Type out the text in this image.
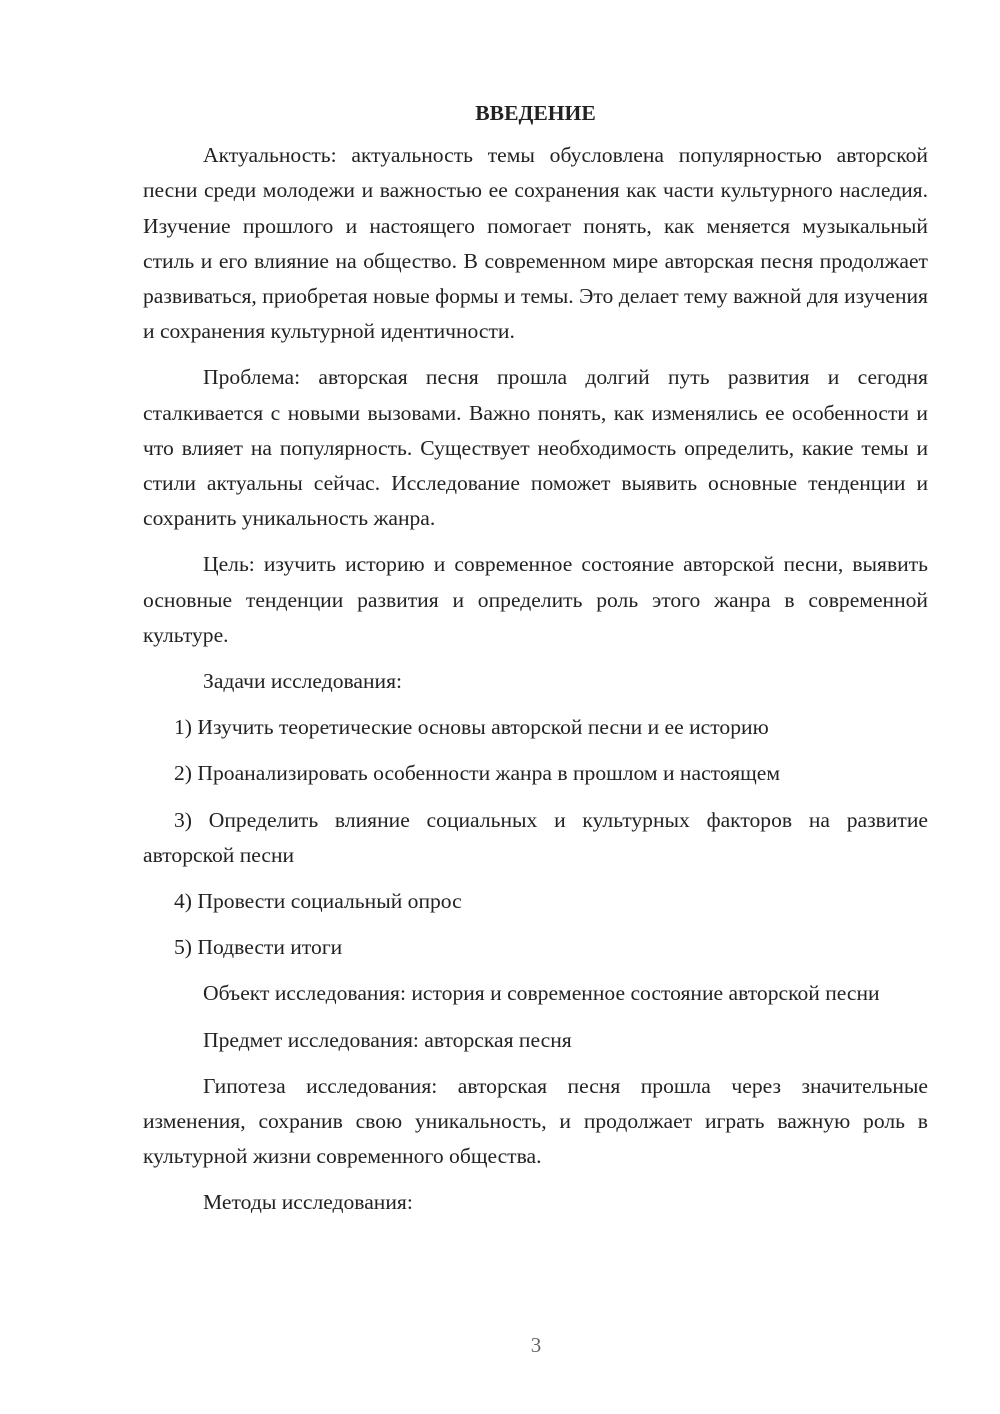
ВВЕДЕНИЕ

Актуальность: актуальность темы обусловлена популярностью авторской песни среди молодежи и важностью ее сохранения как части культурного наследия. Изучение прошлого и настоящего помогает понять, как меняется музыкальный стиль и его влияние на общество. В современном мире авторская песня продолжает развиваться, приобретая новые формы и темы. Это делает тему важной для изучения и сохранения культурной идентичности.

Проблема: авторская песня прошла долгий путь развития и сегодня сталкивается с новыми вызовами. Важно понять, как изменялись ее особенности и что влияет на популярность. Существует необходимость определить, какие темы и стили актуальны сейчас. Исследование поможет выявить основные тенденции и сохранить уникальность жанра.

Цель: изучить историю и современное состояние авторской песни, выявить основные тенденции развития и определить роль этого жанра в современной культуре.

Задачи исследования:

1) Изучить теоретические основы авторской песни и ее историю

2) Проанализировать особенности жанра в прошлом и настоящем

3) Определить влияние социальных и культурных факторов на развитие авторской песни

4) Провести социальный опрос

5) Подвести итоги

Объект исследования: история и современное состояние авторской песни

Предмет исследования: авторская песня

Гипотеза исследования: авторская песня прошла через значительные изменения, сохранив свою уникальность, и продолжает играть важную роль в культурной жизни современного общества.

Методы исследования:

3
